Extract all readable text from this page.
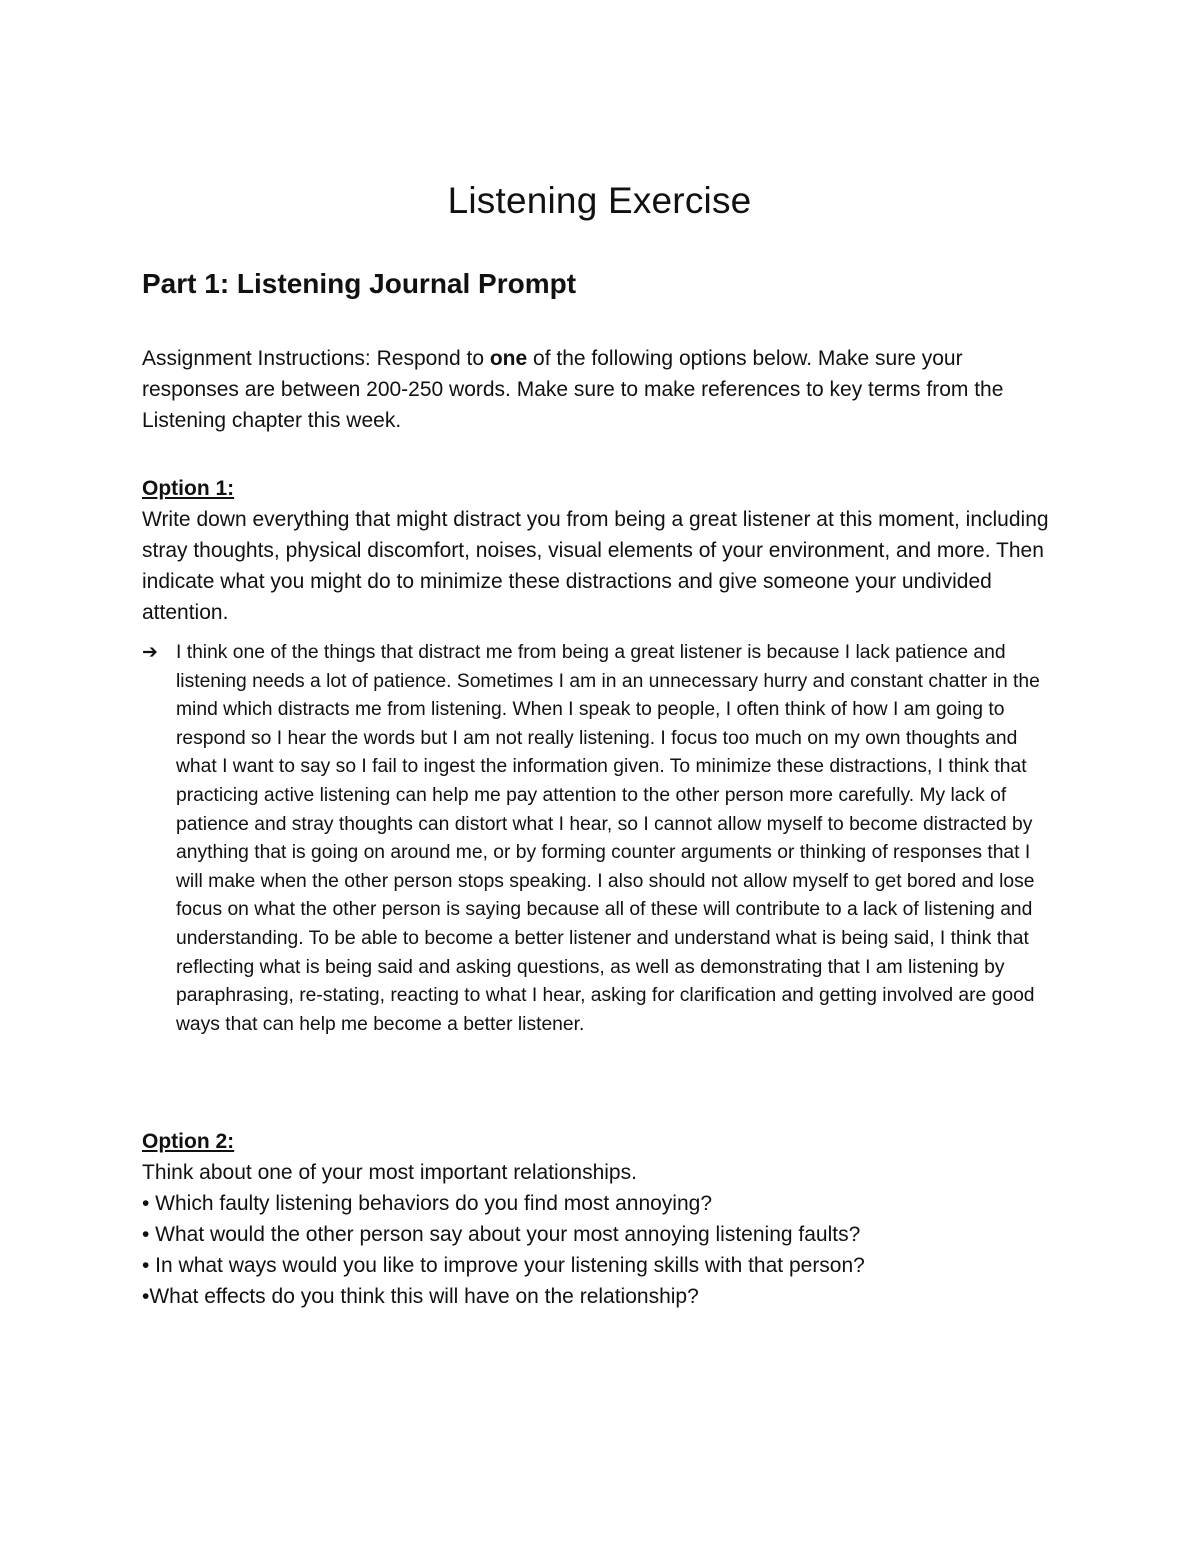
Listening Exercise
Part 1: Listening Journal Prompt

Assignment Instructions: Respond to one of the following options below. Make sure your responses are between 200-250 words. Make sure to make references to key terms from the Listening chapter this week.

Option 1:

Write down everything that might distract you from being a great listener at this moment, including stray thoughts, physical discomfort, noises, visual elements of your environment, and more. Then indicate what you might do to minimize these distractions and give someone your undivided attention.

➔ I think one of the things that distract me from being a great listener is because I lack patience and listening needs a lot of patience. Sometimes I am in an unnecessary hurry and constant chatter in the mind which distracts me from listening. When I speak to people, I often think of how I am going to respond so I hear the words but I am not really listening. I focus too much on my own thoughts and what I want to say so I fail to ingest the information given. To minimize these distractions, I think that practicing active listening can help me pay attention to the other person more carefully. My lack of patience and stray thoughts can distort what I hear, so I cannot allow myself to become distracted by anything that is going on around me, or by forming counter arguments or thinking of responses that I will make when the other person stops speaking. I also should not allow myself to get bored and lose focus on what the other person is saying because all of these will contribute to a lack of listening and understanding. To be able to become a better listener and understand what is being said, I think that reflecting what is being said and asking questions, as well as demonstrating that I am listening by paraphrasing, re-stating, reacting to what I hear, asking for clarification and getting involved are good ways that can help me become a better listener.

Option 2:

Think about one of your most important relationships.

• Which faulty listening behaviors do you find most annoying?
• What would the other person say about your most annoying listening faults?
• In what ways would you like to improve your listening skills with that person?
•What effects do you think this will have on the relationship?
